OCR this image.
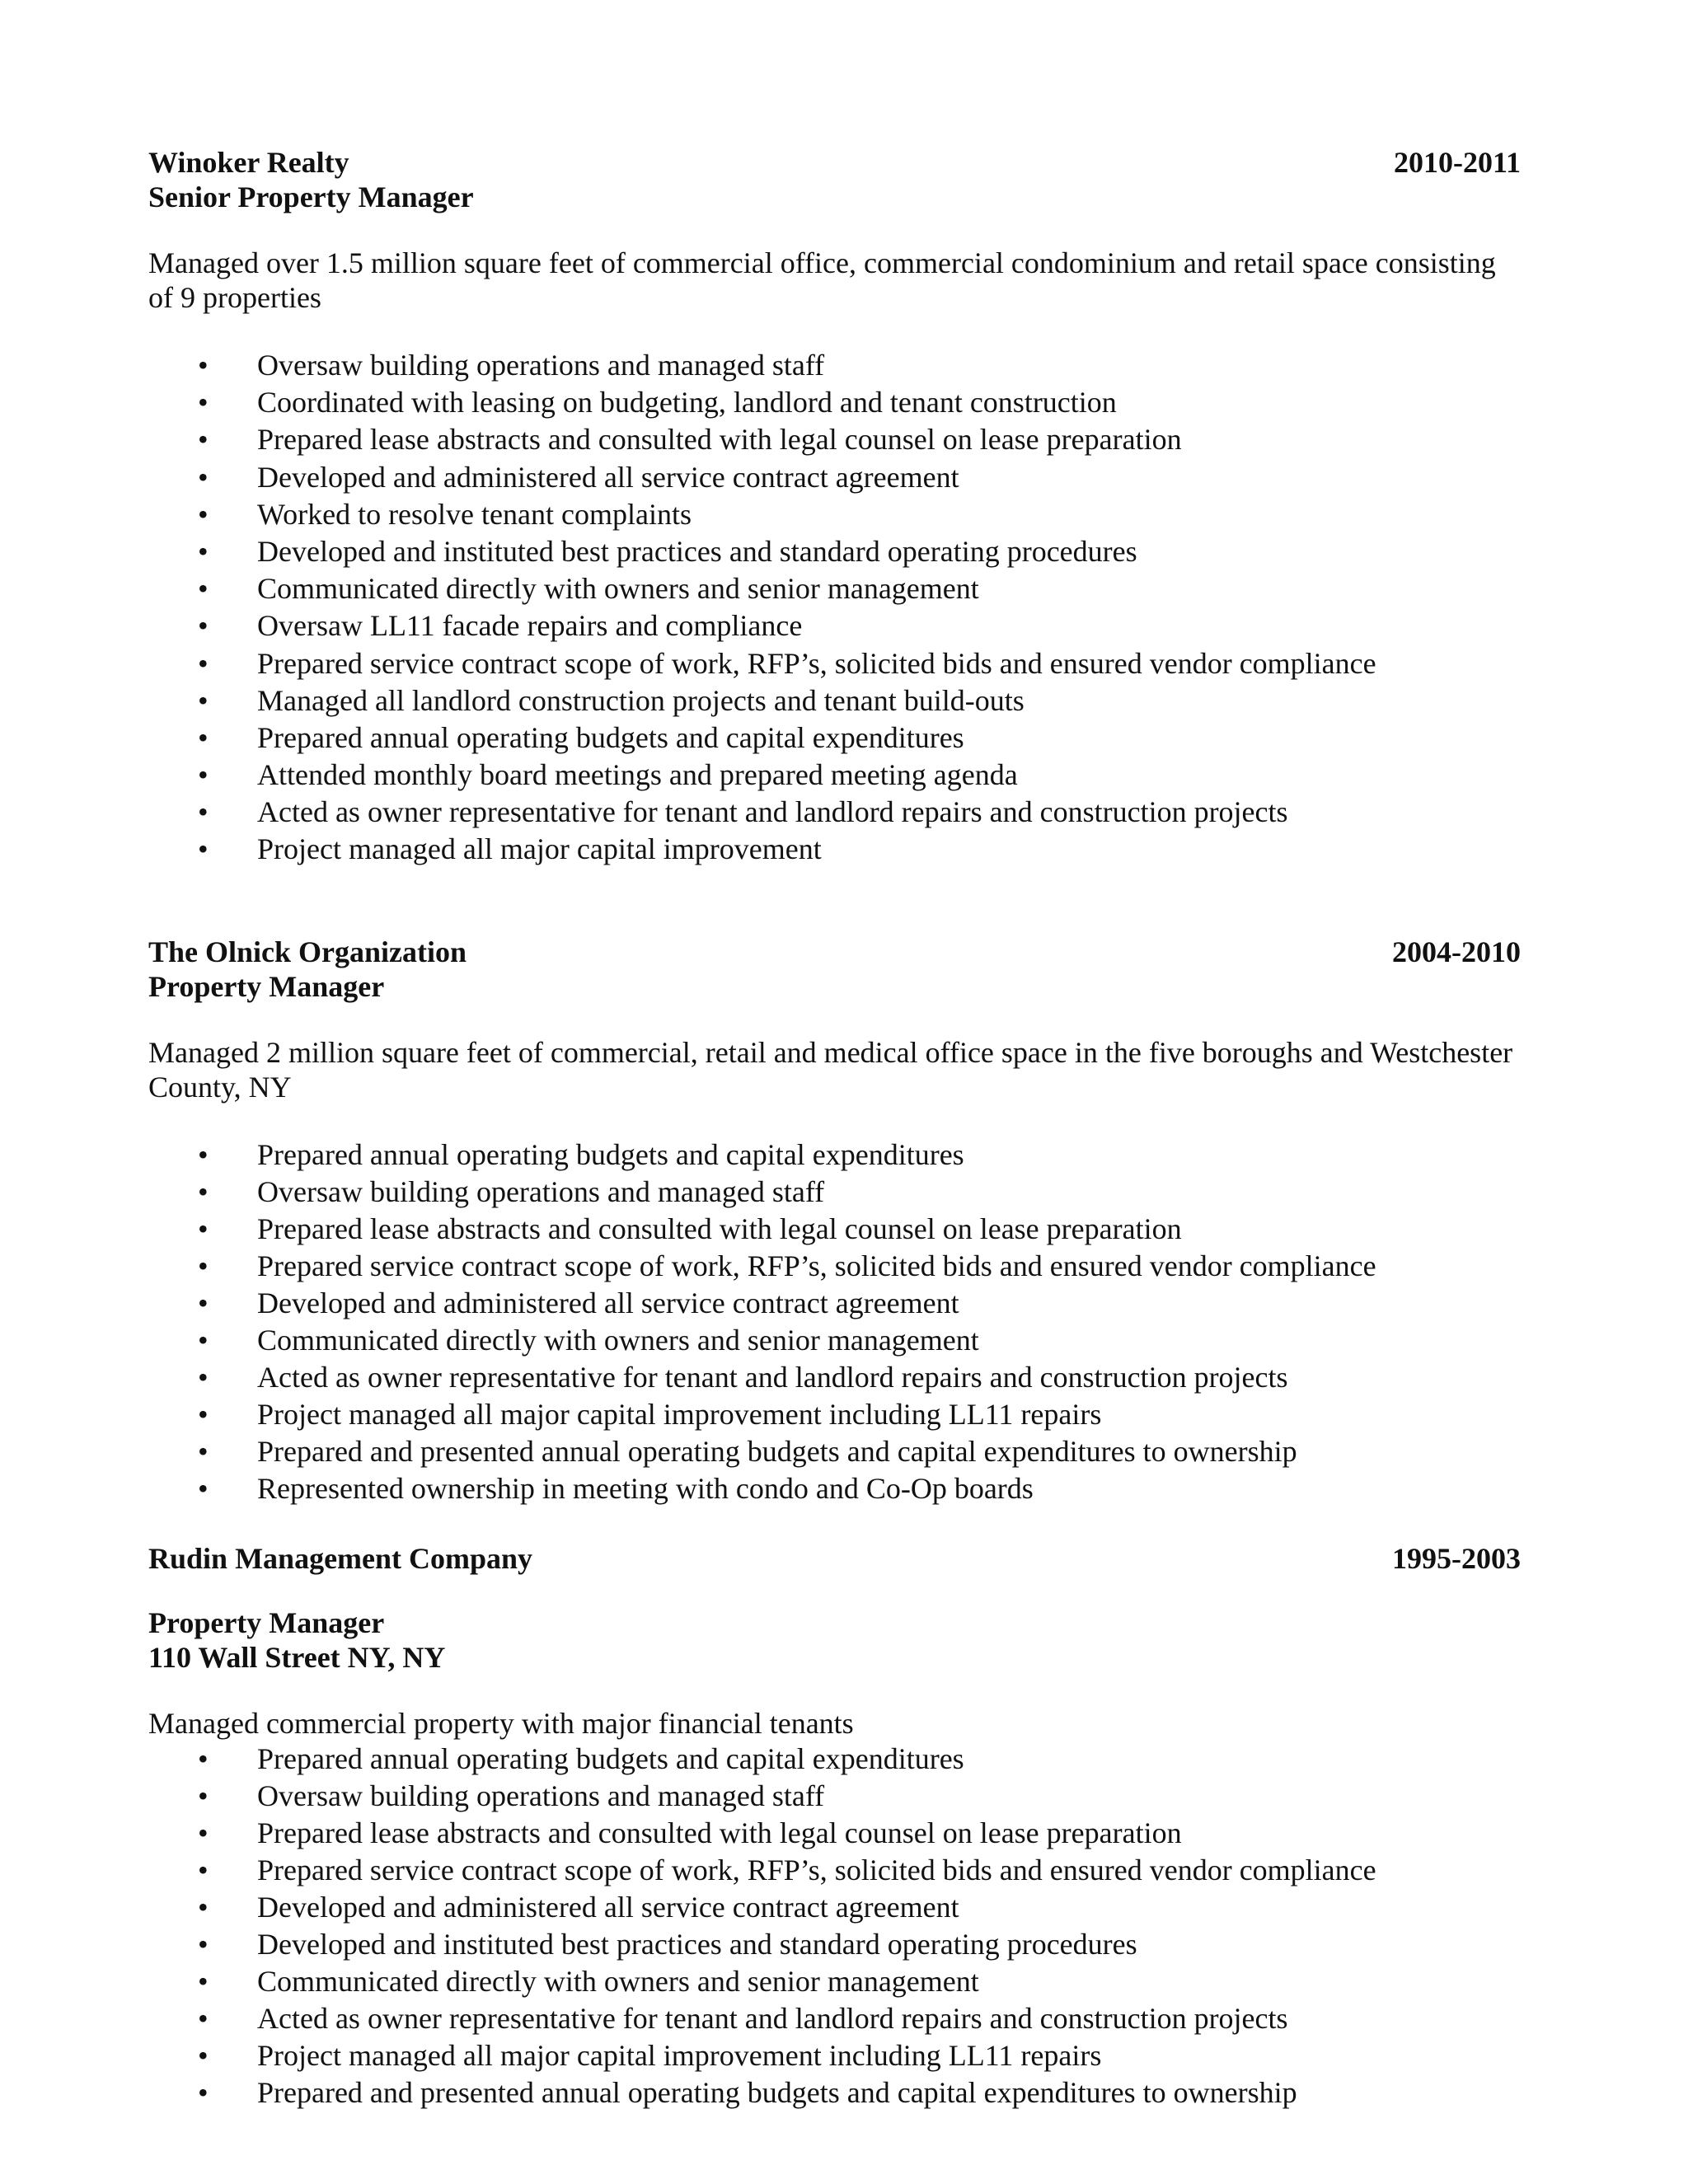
Winoker Realty	2010-2011
Senior Property Manager

Managed over 1.5 million square feet of commercial office, commercial condominium and retail space consisting of 9 properties

• Oversaw building operations and managed staff
• Coordinated with leasing on budgeting, landlord and tenant construction
• Prepared lease abstracts and consulted with legal counsel on lease preparation
• Developed and administered all service contract agreement
• Worked to resolve tenant complaints
• Developed and instituted best practices and standard operating procedures
• Communicated directly with owners and senior management
• Oversaw LL11 facade repairs and compliance
• Prepared service contract scope of work, RFP’s, solicited bids and ensured vendor compliance
• Managed all landlord construction projects and tenant build-outs
• Prepared annual operating budgets and capital expenditures
• Attended monthly board meetings and prepared meeting agenda
• Acted as owner representative for tenant and landlord repairs and construction projects
• Project managed all major capital improvement
The Olnick Organization	2004-2010
Property Manager

Managed 2 million square feet of commercial, retail and medical office space in the five boroughs and Westchester County, NY

• Prepared annual operating budgets and capital expenditures
• Oversaw building operations and managed staff
• Prepared lease abstracts and consulted with legal counsel on lease preparation
• Prepared service contract scope of work, RFP’s, solicited bids and ensured vendor compliance
• Developed and administered all service contract agreement
• Communicated directly with owners and senior management
• Acted as owner representative for tenant and landlord repairs and construction projects
• Project managed all major capital improvement including LL11 repairs
• Prepared and presented annual operating budgets and capital expenditures to ownership
• Represented ownership in meeting with condo and Co-Op boards
Rudin Management Company	1995-2003
Property Manager
110 Wall Street NY, NY

Managed commercial property with major financial tenants

• Prepared annual operating budgets and capital expenditures
• Oversaw building operations and managed staff
• Prepared lease abstracts and consulted with legal counsel on lease preparation
• Prepared service contract scope of work, RFP’s, solicited bids and ensured vendor compliance
• Developed and administered all service contract agreement
• Developed and instituted best practices and standard operating procedures
• Communicated directly with owners and senior management
• Acted as owner representative for tenant and landlord repairs and construction projects
• Project managed all major capital improvement including LL11 repairs
• Prepared and presented annual operating budgets and capital expenditures to ownership
